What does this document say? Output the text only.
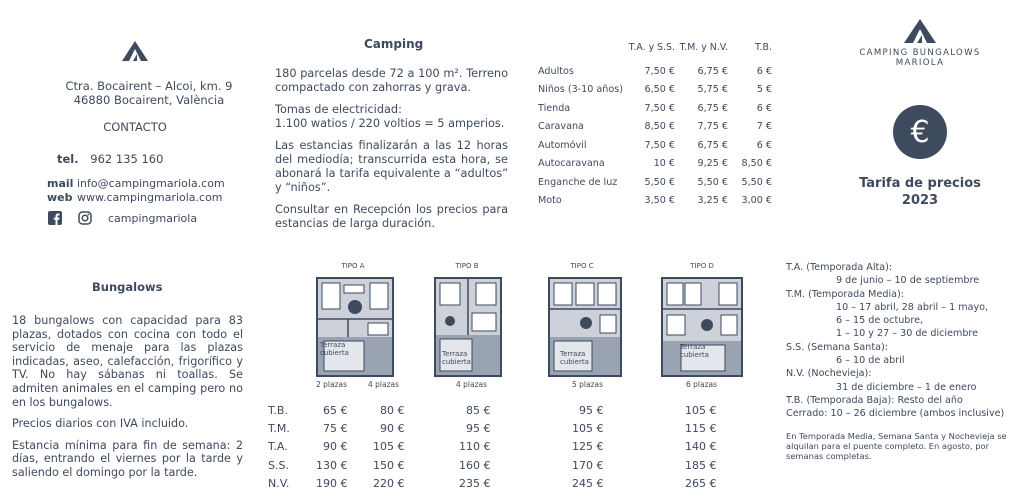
Ctra. Bocairent – Alcoi, km. 9
46880 Bocairent, València
CONTACTO
tel. 962 135 160
mail info@campingmariola.com
web www.campingmariola.com
campingmariola
Camping

180 parcelas desde 72 a 100 m². Terreno compactado con zahorras y grava.

Tomas de electricidad:
1.100 watios / 220 voltios = 5 amperios.

Las estancias finalizarán a las 12 horas del mediodía; transcurrida esta hora, se abonará la tarifa equivalente a “adultos” y “niños”.

Consultar en Recepción los precios para estancias de larga duración.

	T.A. y S.S.	T.M. y N.V.	T.B.
Adultos	7,50 €	6,75 €	6 €
Niños (3-10 años)	6,50 €	5,75 €	5 €
Tienda	7,50 €	6,75 €	6 €
Caravana	8,50 €	7,75 €	7 €
Automóvil	7,50 €	6,75 €	6 €
Autocaravana	10 €	9,25 €	8,50 €
Enganche de luz	5,50 €	5,50 €	5,50 €
Moto	3,50 €	3,25 €	3,00 €
CAMPING BUNGALOWS
MARIOLA
€
Tarifa de precios
2023
Bungalows

18 bungalows con capacidad para 83 plazas, dotados con cocina con todo el servicio de menaje para las plazas indicadas, aseo, calefacción, frigorífico y TV. No hay sábanas ni toallas. Se admiten animales en el camping pero no en los bungalows.

Precios diarios con IVA incluido.

Estancia mínima para fin de semana: 2 días, entrando el viernes por la tarde y saliendo el domingo por la tarde.

TIPO A
Terraza cubierta
2 plazas	4 plazas
TIPO B
Terraza cubierta
4 plazas
TIPO C
Terraza cubierta
5 plazas
TIPO D
Terraza cubierta
6 plazas
T.B.	65 €	80 €	85 €	95 €	105 €
T.M.	75 €	90 €	95 €	105 €	115 €
T.A.	90 €	105 €	110 €	125 €	140 €
S.S.	130 €	150 €	160 €	170 €	185 €
N.V.	190 €	220 €	235 €	245 €	265 €
T.A. (Temporada Alta):
9 de junio – 10 de septiembre
T.M. (Temporada Media):
10 – 17 abril, 28 abril – 1 mayo,
6 – 15 de octubre,
1 – 10 y 27 – 30 de diciembre
S.S. (Semana Santa):
6 – 10 de abril
N.V. (Nochevieja):
31 de diciembre – 1 de enero
T.B. (Temporada Baja): Resto del año
Cerrado: 10 – 26 diciembre (ambos inclusive)
En Temporada Media, Semana Santa y Nochevieja se alquilan para el puente completo. En agosto, por semanas completas.
